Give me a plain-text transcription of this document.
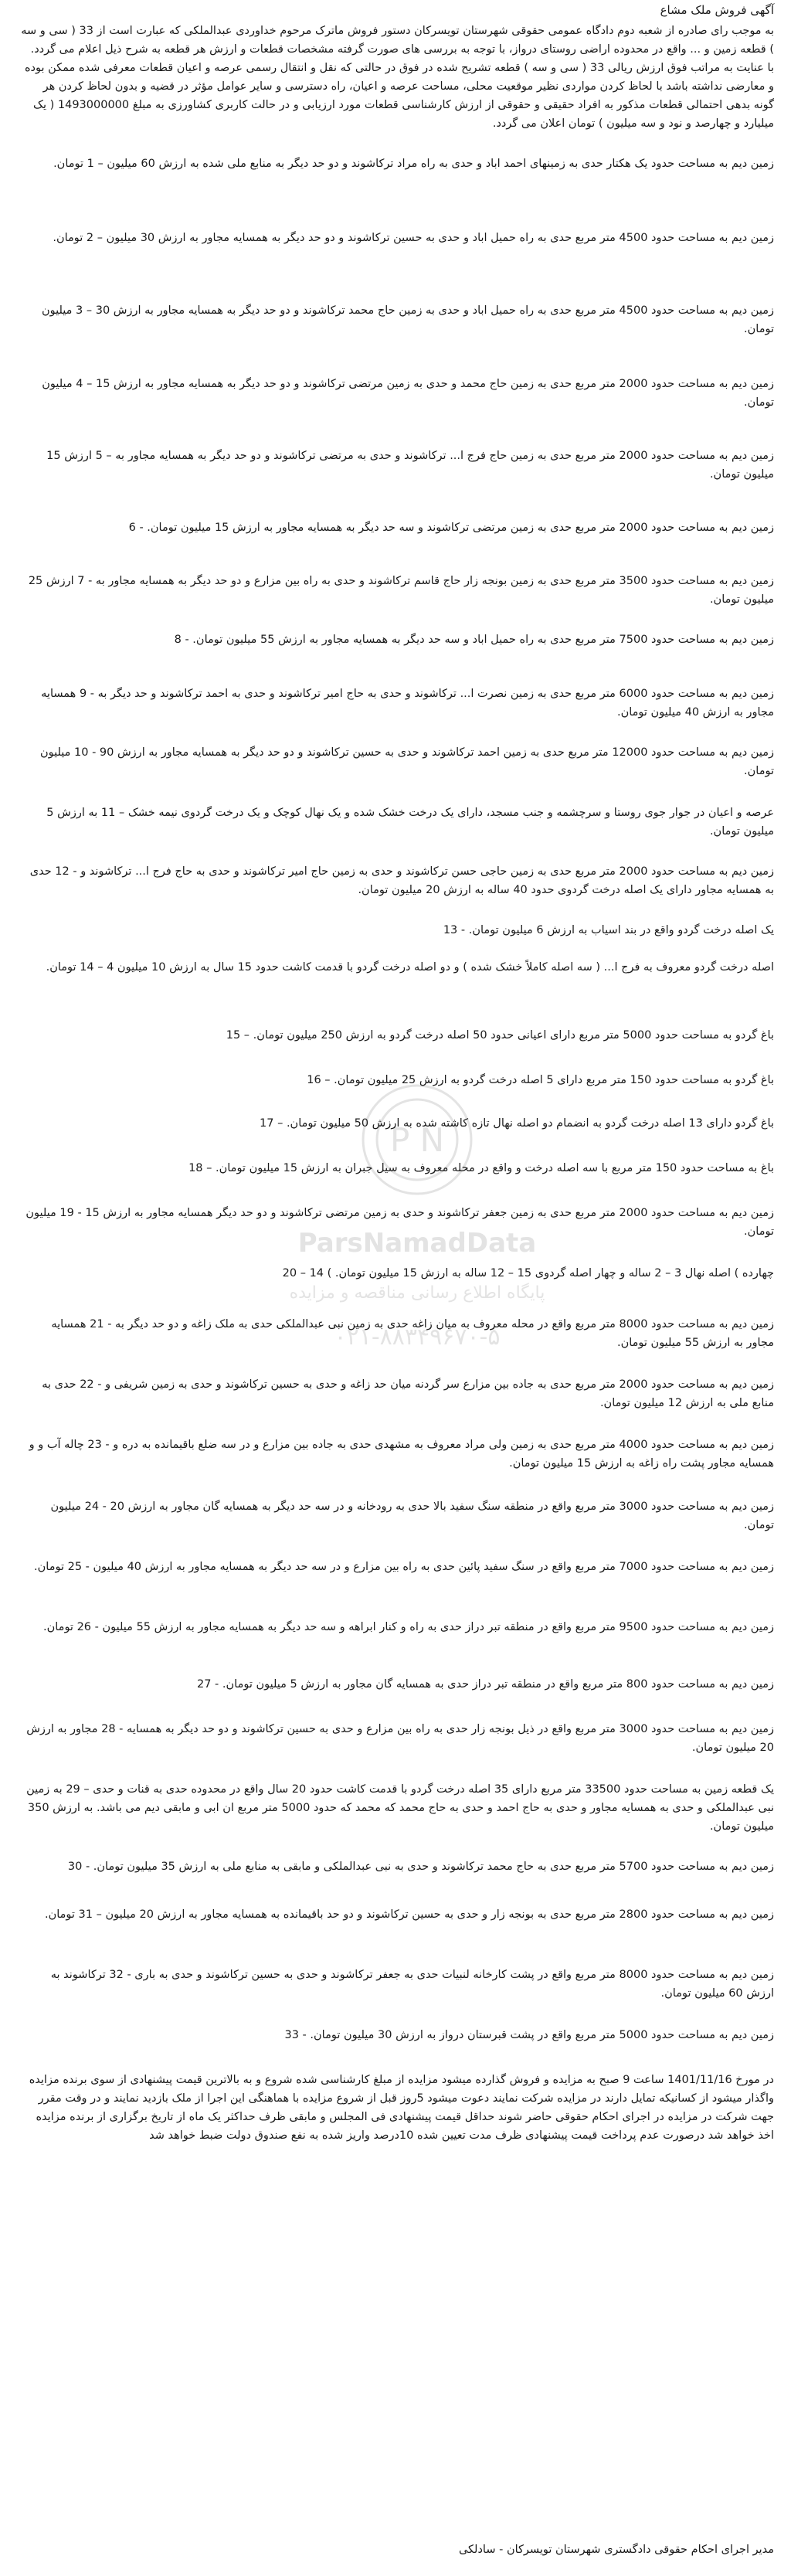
آگهی فروش ملک مشاع
به موجب رای صادره از شعبه دوم دادگاه عمومی حقوقی شهرستان تویسرکان دستور فروش ماترک مرحوم خداوردی عبدالملکی که عبارت است از 33 ( سی و سه ) قطعه زمین و ... واقع در محدوده اراضی روستای درواز، با توجه به بررسی های صورت گرفته مشخصات قطعات و ارزش هر قطعه به شرح ذیل اعلام می گردد. با عنایت به مراتب فوق ارزش ریالی 33 ( سی و سه ) قطعه تشریح شده در فوق در حالتی که نقل و انتقال رسمی عرصه و اعیان قطعات معرفی شده ممکن بوده و معارضی نداشته باشد با لحاظ کردن مواردی نظیر موقعیت محلی، مساحت عرصه و اعیان، راه دسترسی و سایر عوامل مؤثر در قضیه و بدون لحاظ کردن هر گونه بدهی احتمالی قطعات مذکور به افراد حقیقی و حقوقی از ارزش کارشناسی قطعات مورد ارزیابی و در حالت کاربری کشاورزی به مبلغ 1493000000 ( یک میلیارد و چهارصد و نود و سه میلیون ) تومان اعلان می گردد.
زمین دیم به مساحت حدود یک هکتار حدی به زمینهای احمد اباد و حدی به راه مراد ترکاشوند و دو حد دیگر به منابع ملی شده به ارزش 60 میلیون – 1 تومان.
زمین دیم به مساحت حدود 4500 متر مربع حدی به راه حمیل اباد و حدی به حسین ترکاشوند و دو حد دیگر به همسایه مجاور به ارزش 30 میلیون – 2 تومان.
زمین دیم به مساحت حدود 4500 متر مربع حدی به راه حمیل اباد و حدی به زمین حاج محمد ترکاشوند و دو حد دیگر به همسایه مجاور به ارزش 30 – 3 میلیون تومان.
زمین دیم به مساحت حدود 2000 متر مربع حدی به زمین حاج محمد و حدی به زمین مرتضی ترکاشوند و دو حد دیگر به همسایه مجاور به ارزش 15 – 4 میلیون تومان.
زمین دیم به مساحت حدود 2000 متر مربع حدی به زمین حاج فرج ا... ترکاشوند و حدی به مرتضی ترکاشوند و دو حد دیگر به همسایه مجاور به – 5 ارزش 15 میلیون تومان.
زمین دیم به مساحت حدود 2000 متر مربع حدی به زمین مرتضی ترکاشوند و سه حد دیگر به همسایه مجاور به ارزش 15 میلیون تومان. - 6
زمین دیم به مساحت حدود 3500 متر مربع حدی به زمین بونجه زار حاج قاسم ترکاشوند و حدی به راه بین مزارع و دو حد دیگر به همسایه مجاور به - 7 ارزش 25 میلیون تومان.
زمین دیم به مساحت حدود 7500 متر مربع حدی به راه حمیل اباد و سه حد دیگر به همسایه مجاور به ارزش 55 میلیون تومان. - 8
زمین دیم به مساحت حدود 6000 متر مربع حدی به زمین نصرت ا... ترکاشوند و حدی به حاج امیر ترکاشوند و حدی به احمد ترکاشوند و حد دیگر به - 9 همسایه مجاور به ارزش 40 میلیون تومان.
زمین دیم به مساحت حدود 12000 متر مربع حدی به زمین احمد ترکاشوند و حدی به حسین ترکاشوند و دو حد دیگر به همسایه مجاور به ارزش 90 - 10 میلیون تومان.
عرصه و اعیان در جوار جوی روستا و سرچشمه و جنب مسجد، دارای یک درخت خشک شده و یک نهال کوچک و یک درخت گردوی نیمه خشک – 11 به ارزش 5 میلیون تومان.
زمین دیم به مساحت حدود 2000 متر مربع حدی به زمین حاجی حسن ترکاشوند و حدی به زمین حاج امیر ترکاشوند و حدی به حاج فرج ا... ترکاشوند و - 12 حدی به همسایه مجاور دارای یک اصله درخت گردوی حدود 40 ساله به ارزش 20 میلیون تومان.
یک اصله درخت گردو واقع در بند اسیاب به ارزش 6 میلیون تومان. - 13
اصله درخت گردو معروف به فرج ا... ( سه اصله کاملاً خشک شده ) و دو اصله درخت گردو با قدمت کاشت حدود 15 سال به ارزش 10 میلیون 4 – 14 تومان.
باغ گردو به مساحت حدود 5000 متر مربع دارای اعیانی حدود 50 اصله درخت گردو به ارزش 250 میلیون تومان. – 15
باغ گردو به مساحت حدود 150 متر مربع دارای 5 اصله درخت گردو به ارزش 25 میلیون تومان. – 16
باغ گردو دارای 13 اصله درخت گردو به انضمام دو اصله نهال تازه کاشته شده به ارزش 50 میلیون تومان. – 17
باغ به مساحت حدود 150 متر مربع با سه اصله درخت و واقع در محله معروف به سیل جبران به ارزش 15 میلیون تومان. – 18
زمین دیم به مساحت حدود 2000 متر مربع حدی به زمین جعفر ترکاشوند و حدی به زمین مرتضی ترکاشوند و دو حد دیگر همسایه مجاور به ارزش 15 - 19 میلیون تومان.
چهارده ) اصله نهال 3 – 2 ساله و چهار اصله گردوی 15 – 12 ساله به ارزش 15 میلیون تومان. ) 14 – 20
زمین دیم به مساحت حدود 8000 متر مربع واقع در محله معروف به میان زاغه حدی به زمین نبی عبدالملکی حدی به ملک زاغه و دو حد دیگر به - 21 همسایه مجاور به ارزش 55 میلیون تومان.
زمین دیم به مساحت حدود 2000 متر مربع حدی به جاده بین مزارع سر گردنه میان حد زاغه و حدی به حسین ترکاشوند و حدی به زمین شریفی و - 22 حدی به منابع ملی به ارزش 12 میلیون تومان.
زمین دیم به مساحت حدود 4000 متر مربع حدی به زمین ولی مراد معروف به مشهدی حدی به جاده بین مزارع و در سه ضلع باقیمانده به دره و - 23 چاله آب و و همسایه مجاور پشت راه زاغه به ارزش 15 میلیون تومان.
زمین دیم به مساحت حدود 3000 متر مربع واقع در منطقه سنگ سفید بالا حدی به رودخانه و در سه حد دیگر به همسایه گان مجاور به ارزش 20 - 24 میلیون تومان.
زمین دیم به مساحت حدود 7000 متر مربع واقع در سنگ سفید پائین حدی به راه بین مزارع و در سه حد دیگر به همسایه مجاور به ارزش 40 میلیون - 25 تومان.
زمین دیم به مساحت حدود 9500 متر مربع واقع در منطقه تبر دراز حدی به راه و کنار ابراهه و سه حد دیگر به همسایه مجاور به ارزش 55 میلیون - 26 تومان.
زمین دیم به مساحت حدود 800 متر مربع واقع در منطقه تبر دراز حدی به همسایه گان مجاور به ارزش 5 میلیون تومان. - 27
زمین دیم به مساحت حدود 3000 متر مربع واقع در ذیل بونجه زار حدی به راه بین مزارع و حدی به حسین ترکاشوند و دو حد دیگر به همسایه - 28 مجاور به ارزش 20 میلیون تومان.
یک قطعه زمین به مساحت حدود 33500 متر مربع دارای 35 اصله درخت گردو با قدمت کاشت حدود 20 سال واقع در محدوده حدی به قنات و حدی – 29 به زمین نبی عبدالملکی و حدی به همسایه مجاور و حدی به حاج احمد و حدی به حاج محمد که محمد که حدود 5000 متر مربع ان ابی و مابقی دیم می باشد. به ارزش 350 میلیون تومان.
زمین دیم به مساحت حدود 5700 متر مربع حدی به حاج محمد ترکاشوند و حدی به نبی عبدالملکی و مابقی به منابع ملی به ارزش 35 میلیون تومان. - 30
زمین دیم به مساحت حدود 2800 متر مربع حدی به بونجه زار و حدی به حسین ترکاشوند و دو حد باقیمانده به همسایه مجاور به ارزش 20 میلیون – 31 تومان.
زمین دیم به مساحت حدود 8000 متر مربع واقع در پشت کارخانه لنبیات حدی به جعفر ترکاشوند و حدی به حسین ترکاشوند و حدی به باری - 32 ترکاشوند به ارزش 60 میلیون تومان.
زمین دیم به مساحت حدود 5000 متر مربع واقع در پشت قبرستان درواز به ارزش 30 میلیون تومان. - 33
در مورخ 1401/11/16 ساعت 9 صبح به مزایده و فروش گذارده میشود مزایده از مبلغ کارشناسی شده شروع و به بالاترین قیمت پیشنهادی از سوی برنده مزایده واگذار میشود از کسانیکه تمایل دارند در مزایده شرکت نمایند دعوت میشود 5روز قبل از شروع مزایده با هماهنگی این اجرا از ملک بازدید نمایند و در وقت مقرر جهت شرکت در مزایده در اجرای احکام حقوقی حاضر شوند حداقل قیمت پیشنهادی فی المجلس و مابقی ظرف حداکثر یک ماه از تاریخ برگزاری از برنده مزایده اخذ خواهد شد درصورت عدم پرداخت قیمت پیشنهادی ظرف مدت تعیین شده 10درصد واریز شده به نفع صندوق دولت ضبط خواهد شد
مدیر اجرای احکام حقوقی دادگستری شهرستان تویسرکان - سادلکی
P N
ParsNamadData
پایگاه اطلاع رسانی مناقصه و مزایده
۰۲۱-۸۸۳۴۹۶۷۰-۵
